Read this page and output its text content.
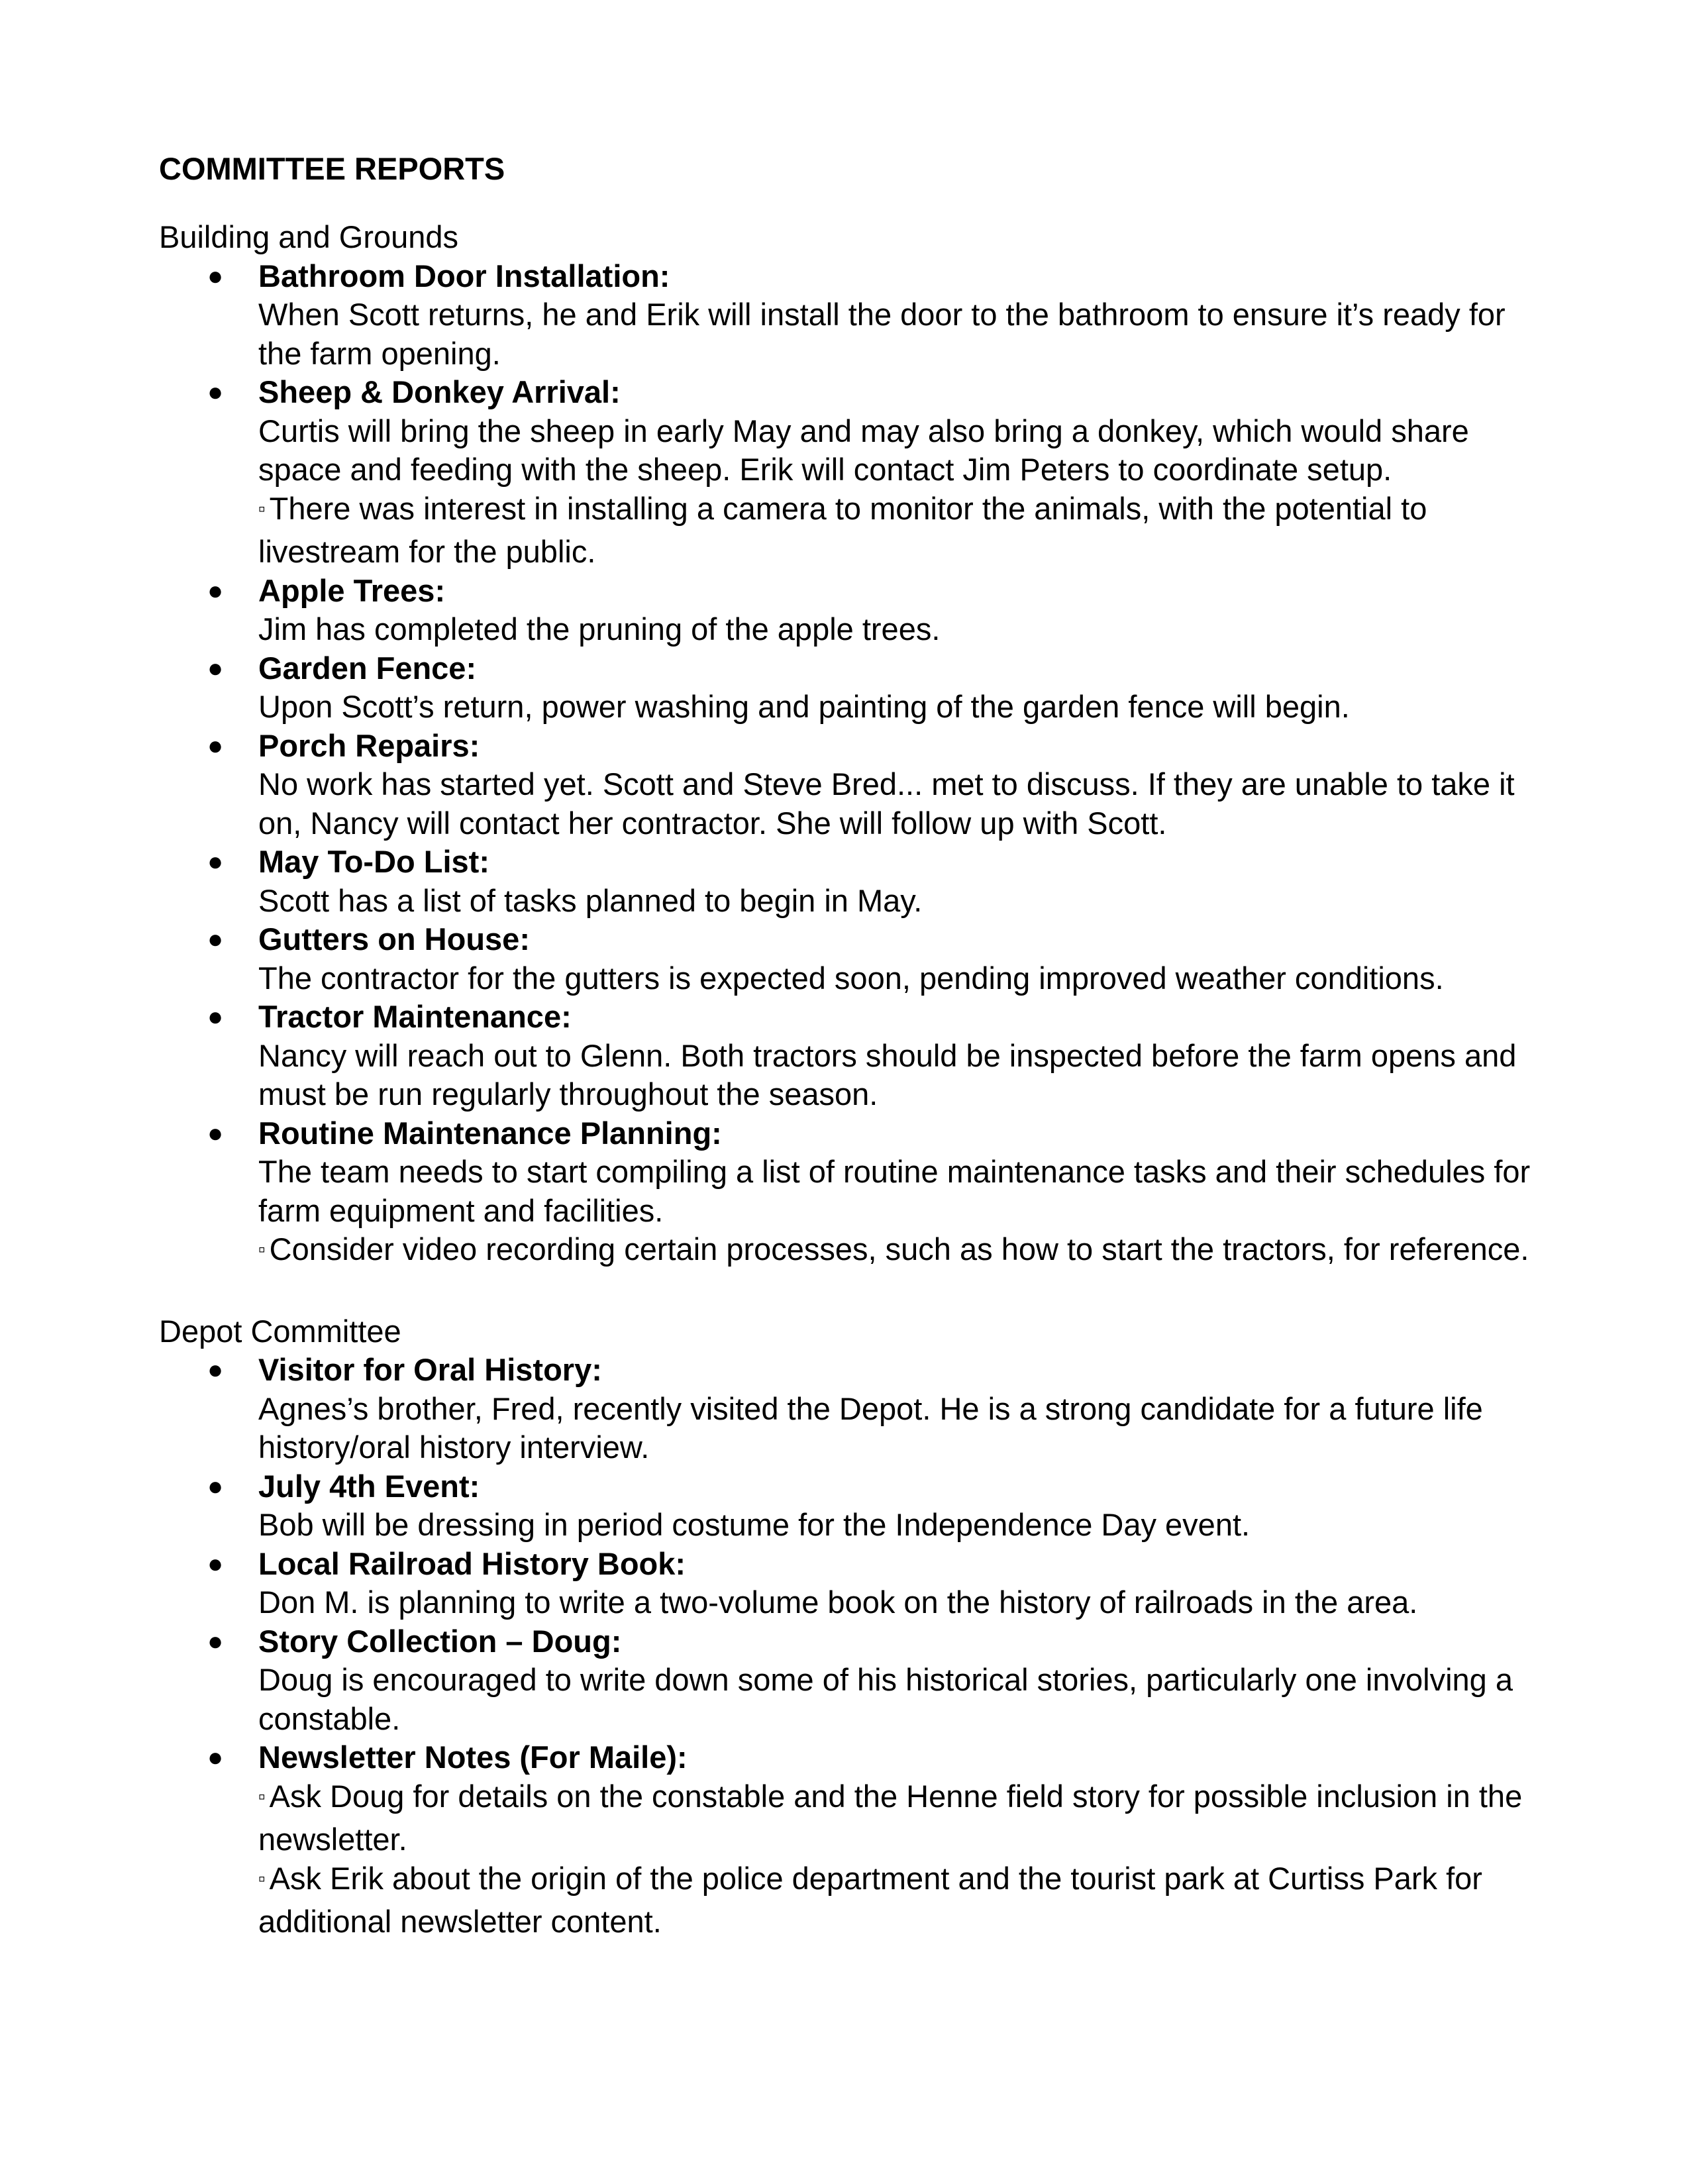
COMMITTEE REPORTS
Building and Grounds
● Bathroom Door Installation:
When Scott returns, he and Erik will install the door to the bathroom to ensure it’s ready for the farm opening.
● Sheep & Donkey Arrival:
Curtis will bring the sheep in early May and may also bring a donkey, which would share space and feeding with the sheep. Erik will contact Jim Peters to coordinate setup.
▫ There was interest in installing a camera to monitor the animals, with the potential to livestream for the public.
● Apple Trees:
Jim has completed the pruning of the apple trees.
● Garden Fence:
Upon Scott’s return, power washing and painting of the garden fence will begin.
● Porch Repairs:
No work has started yet. Scott and Steve Bred... met to discuss. If they are unable to take it on, Nancy will contact her contractor. She will follow up with Scott.
● May To-Do List:
Scott has a list of tasks planned to begin in May.
● Gutters on House:
The contractor for the gutters is expected soon, pending improved weather conditions.
● Tractor Maintenance:
Nancy will reach out to Glenn. Both tractors should be inspected before the farm opens and must be run regularly throughout the season.
● Routine Maintenance Planning:
The team needs to start compiling a list of routine maintenance tasks and their schedules for farm equipment and facilities.
▫ Consider video recording certain processes, such as how to start the tractors, for reference.
Depot Committee
● Visitor for Oral History:
Agnes’s brother, Fred, recently visited the Depot. He is a strong candidate for a future life history/oral history interview.
● July 4th Event:
Bob will be dressing in period costume for the Independence Day event.
● Local Railroad History Book:
Don M. is planning to write a two-volume book on the history of railroads in the area.
● Story Collection – Doug:
Doug is encouraged to write down some of his historical stories, particularly one involving a constable.
● Newsletter Notes (For Maile):
▫ Ask Doug for details on the constable and the Henne field story for possible inclusion in the newsletter.
▫ Ask Erik about the origin of the police department and the tourist park at Curtiss Park for additional newsletter content.
